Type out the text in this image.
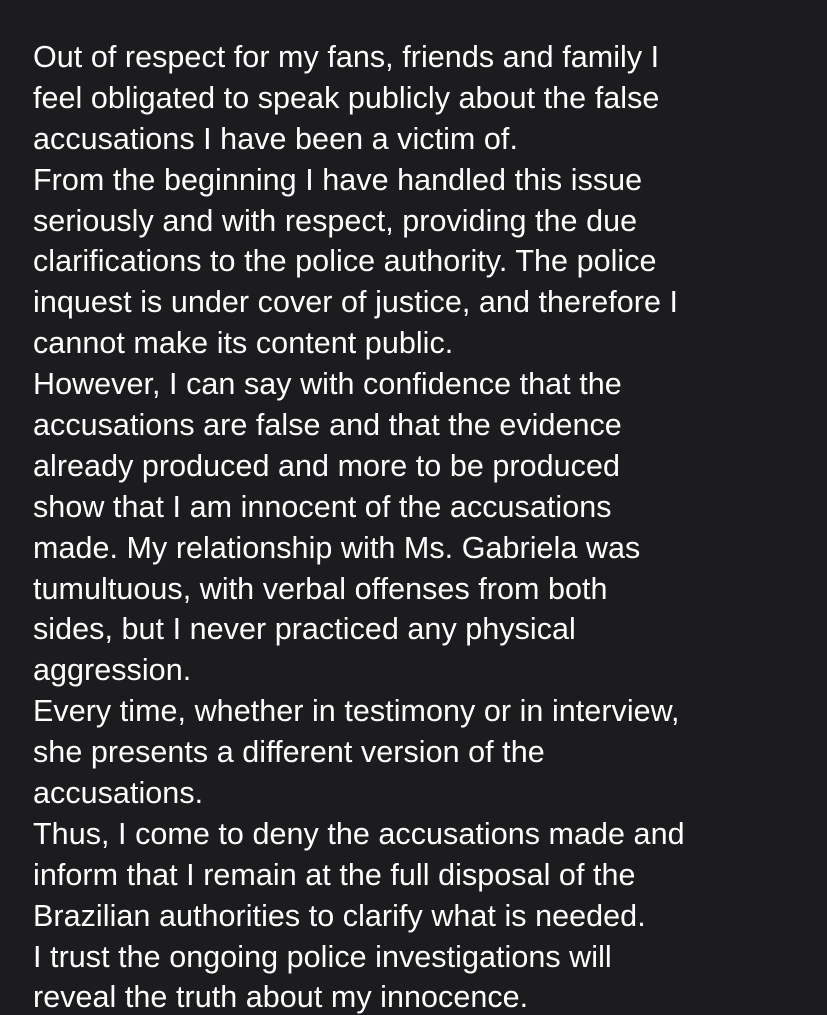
Out of respect for my fans, friends and family I
feel obligated to speak publicly about the false
accusations I have been a victim of.
From the beginning I have handled this issue
seriously and with respect, providing the due
clarifications to the police authority. The police
inquest is under cover of justice, and therefore I
cannot make its content public.
However, I can say with confidence that the
accusations are false and that the evidence
already produced and more to be produced
show that I am innocent of the accusations
made. My relationship with Ms. Gabriela was
tumultuous, with verbal offenses from both
sides, but I never practiced any physical
aggression.
Every time, whether in testimony or in interview,
she presents a different version of the
accusations.
Thus, I come to deny the accusations made and
inform that I remain at the full disposal of the
Brazilian authorities to clarify what is needed.
I trust the ongoing police investigations will
reveal the truth about my innocence.
